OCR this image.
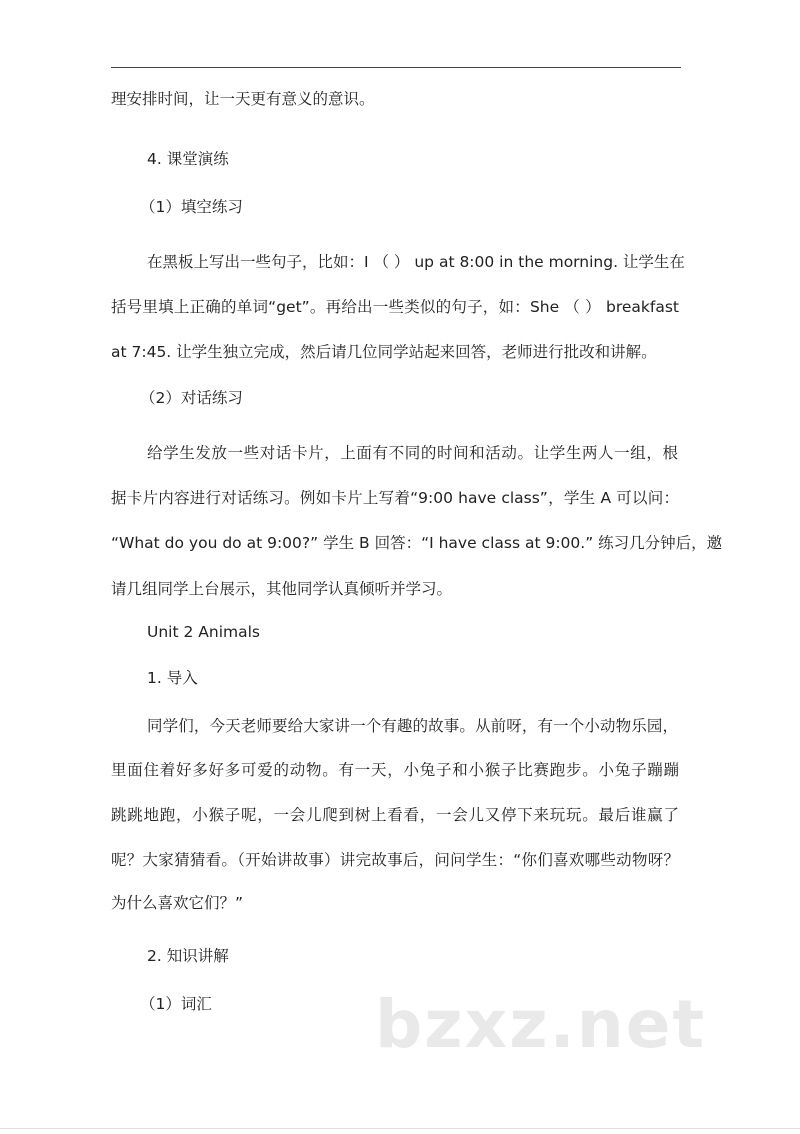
理安排时间，让一天更有意义的意识。
4. 课堂演练
（1）填空练习
在黑板上写出一些句子，比如：I （ ） up at 8:00 in the morning. 让学生在
括号里填上正确的单词“get”。再给出一些类似的句子，如：She （ ） breakfast
at 7:45. 让学生独立完成，然后请几位同学站起来回答，老师进行批改和讲解。
（2）对话练习
给学生发放一些对话卡片，上面有不同的时间和活动。让学生两人一组，根
据卡片内容进行对话练习。例如卡片上写着“9:00 have class”，学生 A 可以问：
“What do you do at 9:00?” 学生 B 回答：“I have class at 9:00.” 练习几分钟后，邀
请几组同学上台展示，其他同学认真倾听并学习。
Unit 2 Animals
1. 导入
同学们，今天老师要给大家讲一个有趣的故事。从前呀，有一个小动物乐园，
里面住着好多好多可爱的动物。有一天，小兔子和小猴子比赛跑步。小兔子蹦蹦
跳跳地跑，小猴子呢，一会儿爬到树上看看，一会儿又停下来玩玩。最后谁赢了
呢？大家猜猜看。（开始讲故事）讲完故事后，问问学生：“你们喜欢哪些动物呀？
为什么喜欢它们？”
2. 知识讲解
（1）词汇 bzxz.net
